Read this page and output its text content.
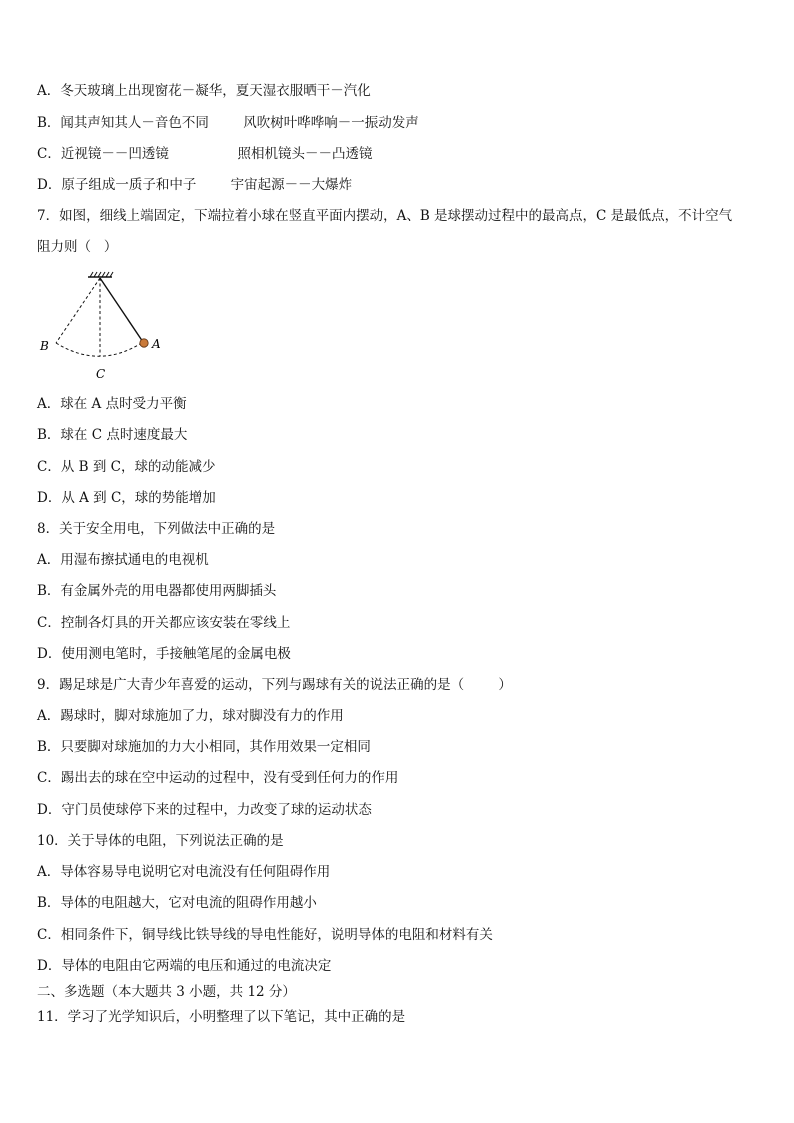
A．冬天玻璃上出现窗花－凝华，夏天湿衣服晒干－汽化
B．闻其声知其人－音色不同        风吹树叶哗哗响－一振动发声
C．近视镜－－凹透镜                照相机镜头－－凸透镜
D．原子组成一质子和中子        宇宙起源－－大爆炸
7．如图，细线上端固定，下端拉着小球在竖直平面内摆动，A、B 是球摆动过程中的最高点，C 是最低点，不计空气
阻力则（   ）
A
B
C
A．球在 A 点时受力平衡
B．球在 C 点时速度最大
C．从 B 到 C，球的动能减少
D．从 A 到 C，球的势能增加
8．关于安全用电，下列做法中正确的是
A．用湿布擦拭通电的电视机
B．有金属外壳的用电器都使用两脚插头
C．控制各灯具的开关都应该安装在零线上
D．使用测电笔时，手接触笔尾的金属电极
9．踢足球是广大青少年喜爱的运动，下列与踢球有关的说法正确的是（        ）
A．踢球时，脚对球施加了力，球对脚没有力的作用
B．只要脚对球施加的力大小相同，其作用效果一定相同
C．踢出去的球在空中运动的过程中，没有受到任何力的作用
D．守门员使球停下来的过程中，力改变了球的运动状态
10．关于导体的电阻，下列说法正确的是
A．导体容易导电说明它对电流没有任何阻碍作用
B．导体的电阻越大，它对电流的阻碍作用越小
C．相同条件下，铜导线比铁导线的导电性能好，说明导体的电阻和材料有关
D．导体的电阻由它两端的电压和通过的电流决定
二、多选题（本大题共 3 小题，共 12 分）
11．学习了光学知识后，小明整理了以下笔记，其中正确的是
